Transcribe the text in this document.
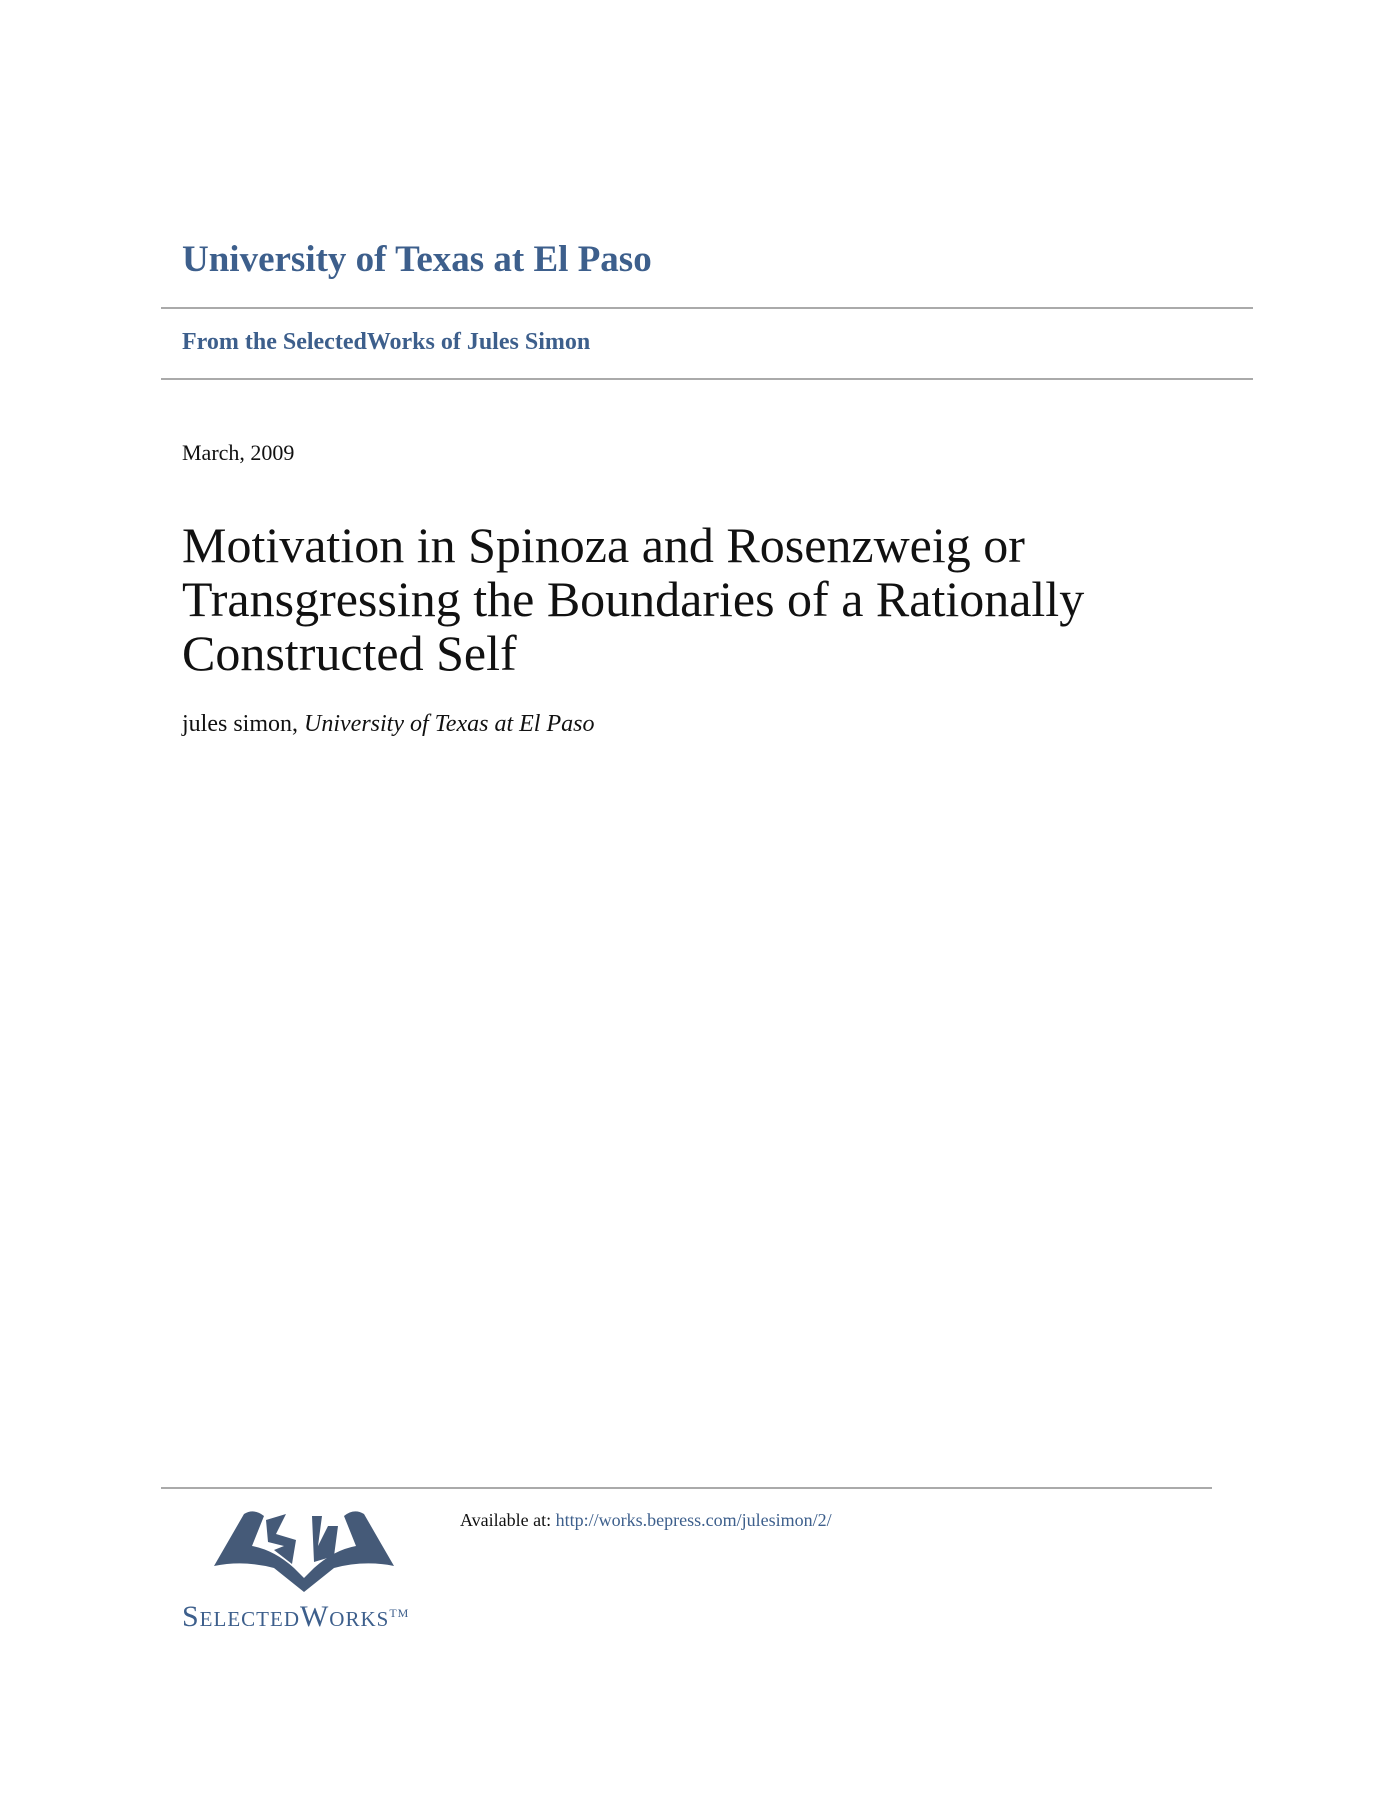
University of Texas at El Paso
From the SelectedWorks of Jules Simon
March, 2009
Motivation in Spinoza and Rosenzweig or Transgressing the Boundaries of a Rationally Constructed Self
jules simon, University of Texas at El Paso
Available at: http://works.bepress.com/julesimon/2/
SelectedWorks™
